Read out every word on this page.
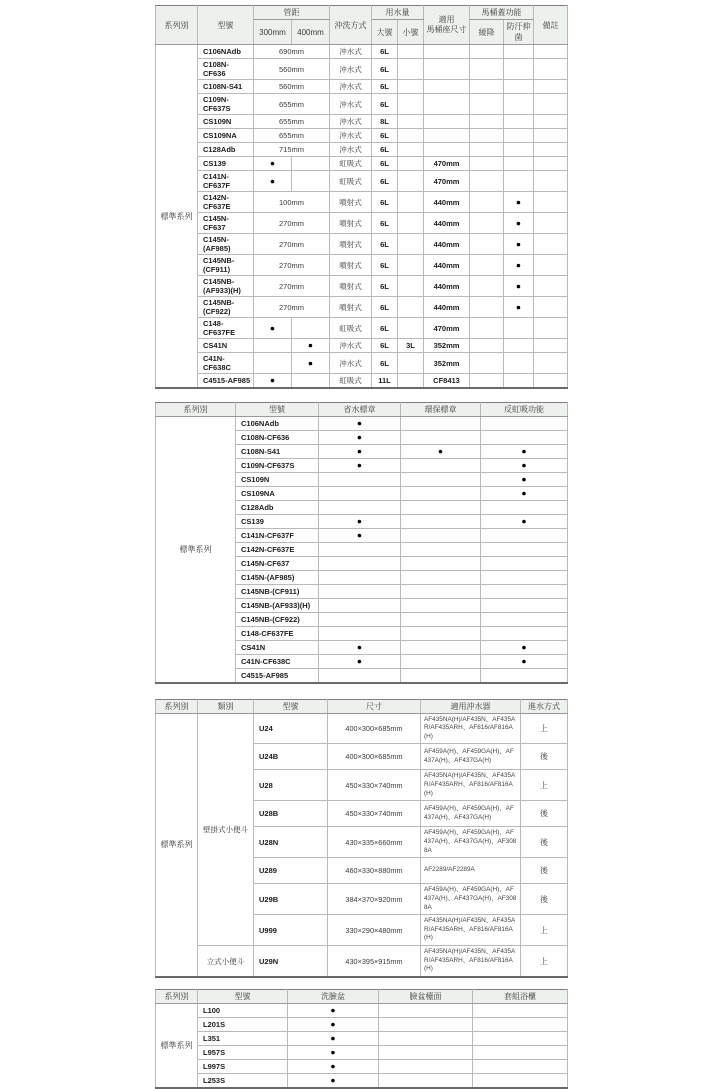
系列別	型號	管距		沖洗方式	用水量		適用
馬桶座尺寸	馬桶蓋功能		備註
		300mm	400mm		大號	小號		緩降	防汙抑菌	
標準系列	C106NAdb	690mm		沖水式	6L					
	C108N-CF636	560mm		沖水式	6L					
	C108N-S41	560mm		沖水式	6L					
	C109N-CF637S	655mm		沖水式	6L					
	CS109N	655mm		沖水式	8L					
	CS109NA	655mm		沖水式	6L					
	C128Adb	715mm		沖水式	6L					
	CS139	●		虹吸式	6L		470mm			
	C141N-CF637F	●		虹吸式	6L		470mm			
	C142N-CF637E	100mm		噴射式	6L		440mm		●	
	C145N-CF637	270mm		噴射式	6L		440mm		●	
	C145N-(AF985)	270mm		噴射式	6L		440mm		●	
	C145NB-(CF911)	270mm		噴射式	6L		440mm		●	
	C145NB-(AF933)(H)	270mm		噴射式	6L		440mm		●	
	C145NB-(CF922)	270mm		噴射式	6L		440mm		●	
	C148-CF637FE	●		虹吸式	6L		470mm			
	CS41N		●	沖水式	6L	3L	352mm			
	C41N-CF638C		●	沖水式	6L		352mm			
	C4515-AF985	●		虹吸式	11L		CF8413			
系列別	型號	省水標章	環保標章	反虹吸功能
標準系列	C106NAdb	●		
	C108N-CF636	●		
	C108N-S41	●	●	●
	C109N-CF637S	●		●
	CS109N			●
	CS109NA			●
	C128Adb			
	CS139	●		●
	C141N-CF637F	●		
	C142N-CF637E			
	C145N-CF637			
	C145N-(AF985)			
	C145NB-(CF911)			
	C145NB-(AF933)(H)			
	C145NB-(CF922)			
	C148-CF637FE			
	CS41N	●		●
	C41N-CF638C	●		●
	C4515-AF985			
系列別	類別	型號	尺寸	適用沖水器	進水方式
標準系列	壁掛式小便斗	U24	400×300×685mm	AF435NA(H)/AF435N、AF435AR/AF435ARH、AF816/AF816A(H)	上
		U24B	400×300×685mm	AF459A(H)、AF459GA(H)、AF437A(H)、AF437GA(H)	後
		U28	450×330×740mm	AF435NA(H)/AF435N、AF435AR/AF435ARH、AF816/AF816A(H)	上
		U28B	450×330×740mm	AF459A(H)、AF459GA(H)、AF437A(H)、AF437GA(H)	後
		U28N	430×335×660mm	AF459A(H)、AF459GA(H)、AF437A(H)、AF437GA(H)、AF3088A	後
		U289	460×330×880mm	AF2289/AF2289A	後
		U29B	384×370×920mm	AF459A(H)、AF459GA(H)、AF437A(H)、AF437GA(H)、AF3088A	後
		U999	330×290×480mm	AF435NA(H)/AF435N、AF435AR/AF435ARH、AF816/AF816A(H)	上
	立式小便斗	U29N	430×395×915mm	AF435NA(H)/AF435N、AF435AR/AF435ARH、AF816/AF816A(H)	上
系列別	型號	洗臉盆	臉盆檯面	套組浴櫃
標準系列	L100	●		
	L201S	●		
	L351	●		
	L957S	●		
	L997S	●		
	L253S	●		
